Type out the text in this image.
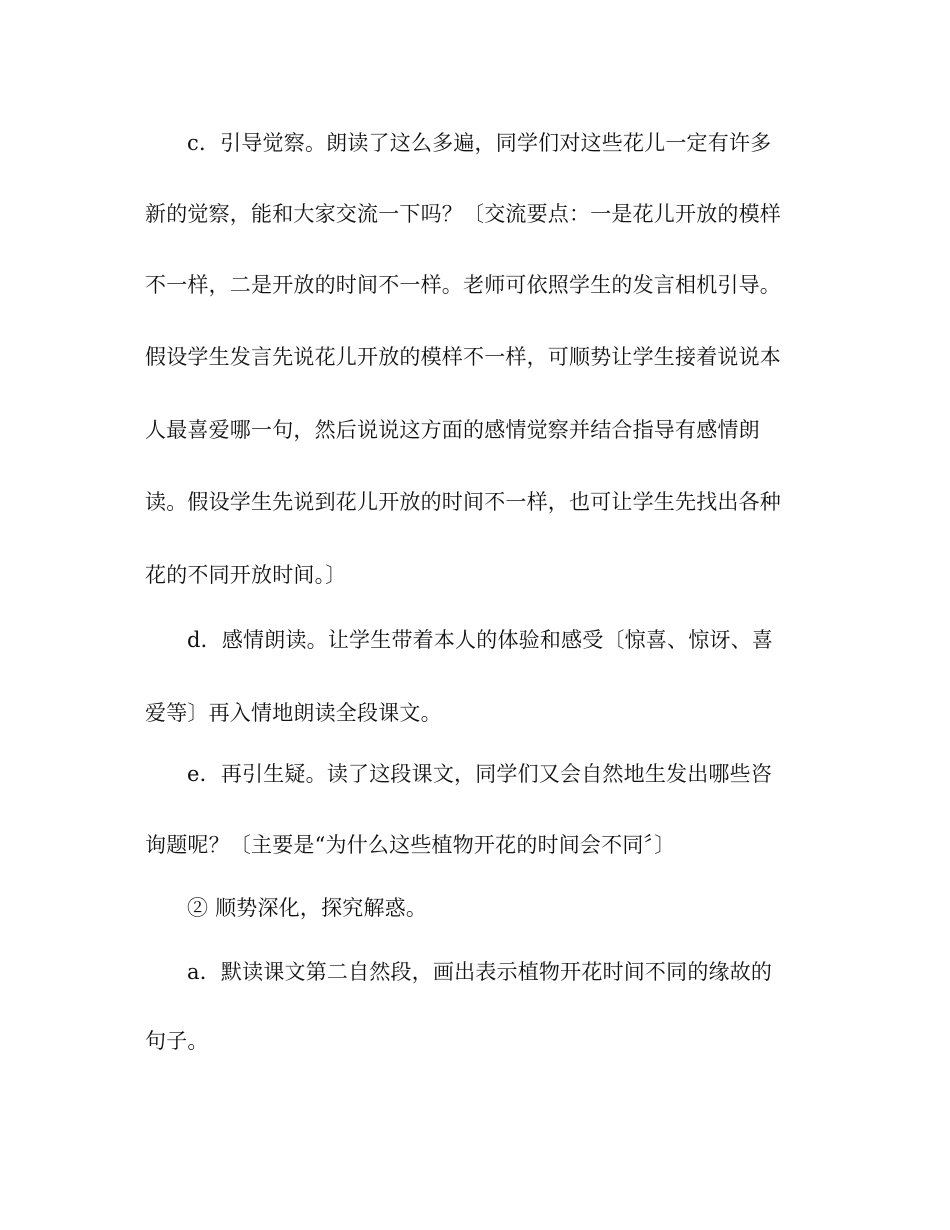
c．引导觉察。朗读了这么多遍，同学们对这些花儿一定有许多
新的觉察，能和大家交流一下吗？〔交流要点：一是花儿开放的模样
不一样，二是开放的时间不一样。老师可依照学生的发言相机引导。
假设学生发言先说花儿开放的模样不一样，可顺势让学生接着说说本
人最喜爱哪一句，然后说说这方面的感情觉察并结合指导有感情朗
读。假设学生先说到花儿开放的时间不一样，也可让学生先找出各种
花的不同开放时间。〕
d．感情朗读。让学生带着本人的体验和感受〔惊喜、惊讶、喜
爱等〕再入情地朗读全段课文。
e．再引生疑。读了这段课文，同学们又会自然地生发出哪些咨
询题呢？〔主要是“为什么这些植物开花的时间会不同〞〕
② 顺势深化，探究解惑。
a．默读课文第二自然段，画出表示植物开花时间不同的缘故的
句子。
